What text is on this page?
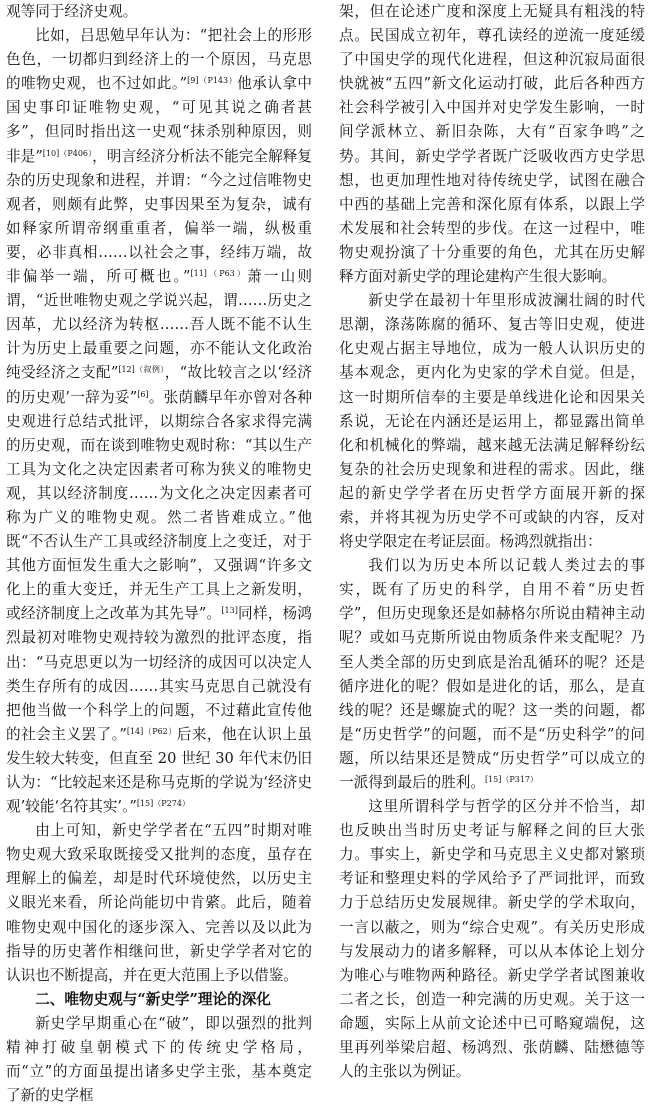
观等同于经济史观。

比如，吕思勉早年认为：“把社会上的形形色色，一切都归到经济上的一个原因，马克思的唯物史观，也不过如此。”$^{[9](P143)}$他承认拿中国史事印证唯物史观，“可见其说之确者甚多”，但同时指出这一史观“抹杀别种原因，则非是”$^{[10](P406)}$，明言经济分析法不能完全解释复杂的历史现象和进程，并谓：“今之过信唯物史观者，则颇有此弊，史事因果至为复杂，诚有如释家所谓帝纲重重者，偏举一端，纵极重要，必非真相……以社会之事，经纬万端，故非偏举一端，所可概也。”$^{[11](P63)}$萧一山则谓，“近世唯物史观之学说兴起，谓……历史之因革，尤以经济为转枢……吾人既不能不认生计为历史上最重要之问题，亦不能认文化政治纯受经济之支配”$^{[12](叙例)}$，“故比较言之以‘经济的历史观’一辞为妥”[6]。张荫麟早年亦曾对各种史观进行总结式批评，以期综合各家求得完满的历史观，而在谈到唯物史观时称：“其以生产工具为文化之决定因素者可称为狭义的唯物史观，其以经济制度……为文化之决定因素者可称为广义的唯物史观。然二者皆难成立。”他既“不否认生产工具或经济制度上之变迁，对于其他方面恒发生重大之影响”，又强调“许多文化上的重大变迁，并无生产工具上之新发明，或经济制度上之改革为其先导”。[13]同样，杨鸿烈最初对唯物史观持较为激烈的批评态度，指出：“马克思更以为一切经济的成因可以决定人类生存所有的成因……其实马克思自己就没有把他当做一个科学上的问题，不过藉此宣传他的社会主义罢了。”$^{[14](P62)}$后来，他在认识上虽发生较大转变，但直至 20 世纪 30 年代末仍旧认为：“比较起来还是称马克斯的学说为‘经济史观’较能‘名符其实’。”$^{[15](P274)}$

由上可知，新史学学者在“五四”时期对唯物史观大致采取既接受又批判的态度，虽存在理解上的偏差，却是时代环境使然，以历史主义眼光来看，所论尚能切中肯綮。此后，随着唯物史观中国化的逐步深入、完善以及以此为指导的历史著作相继问世，新史学学者对它的认识也不断提高，并在更大范围上予以借鉴。

二、唯物史观与“新史学”理论的深化

新史学早期重心在“破”，即以强烈的批判精神打破皇朝模式下的传统史学格局，而“立”的方面虽提出诸多史学主张，基本奠定了新的史学框

架，但在论述广度和深度上无疑具有粗浅的特点。民国成立初年，尊孔读经的逆流一度延缓了中国史学的现代化进程，但这种沉寂局面很快就被“五四”新文化运动打破，此后各种西方社会科学被引入中国并对史学发生影响，一时间学派林立、新旧杂陈，大有“百家争鸣”之势。其间，新史学学者既广泛吸收西方史学思想，也更加理性地对待传统史学，试图在融合中西的基础上完善和深化原有体系，以跟上学术发展和社会转型的步伐。在这一过程中，唯物史观扮演了十分重要的角色，尤其在历史解释方面对新史学的理论建构产生很大影响。

新史学在最初十年里形成波澜壮阔的时代思潮，涤荡陈腐的循环、复古等旧史观，使进化史观占据主导地位，成为一般人认识历史的基本观念，更内化为史家的学术自觉。但是，这一时期所信奉的主要是单线进化论和因果关系说，无论在内涵还是运用上，都显露出简单化和机械化的弊端，越来越无法满足解释纷纭复杂的社会历史现象和进程的需求。因此，继起的新史学学者在历史哲学方面展开新的探索，并将其视为历史学不可或缺的内容，反对将史学限定在考证层面。杨鸿烈就指出：

我们以为历史本所以记载人类过去的事实，既有了历史的科学，自用不着“历史哲学”，但历史现象还是如赫格尔所说由精神主动呢？或如马克斯所说由物质条件来支配呢？乃至人类全部的历史到底是治乱循环的呢？还是循序进化的呢？假如是进化的话，那么，是直线的呢？还是螺旋式的呢？这一类的问题，都是“历史哲学”的问题，而不是“历史科学”的问题，所以结果还是赞成“历史哲学”可以成立的一派得到最后的胜利。$^{[15](P317)}$

这里所谓科学与哲学的区分并不恰当，却也反映出当时历史考证与解释之间的巨大张力。事实上，新史学和马克思主义史都对繁琐考证和整理史料的学风给予了严词批评，而致力于总结历史发展规律。新史学的学术取向，一言以蔽之，则为“综合史观”。有关历史形成与发展动力的诸多解释，可以从本体论上划分为唯心与唯物两种路径。新史学学者试图兼收二者之长，创造一种完满的历史观。关于这一命题，实际上从前文论述中已可略窥端倪，这里再列举梁启超、杨鸿烈、张荫麟、陆懋德等人的主张以为例证。
